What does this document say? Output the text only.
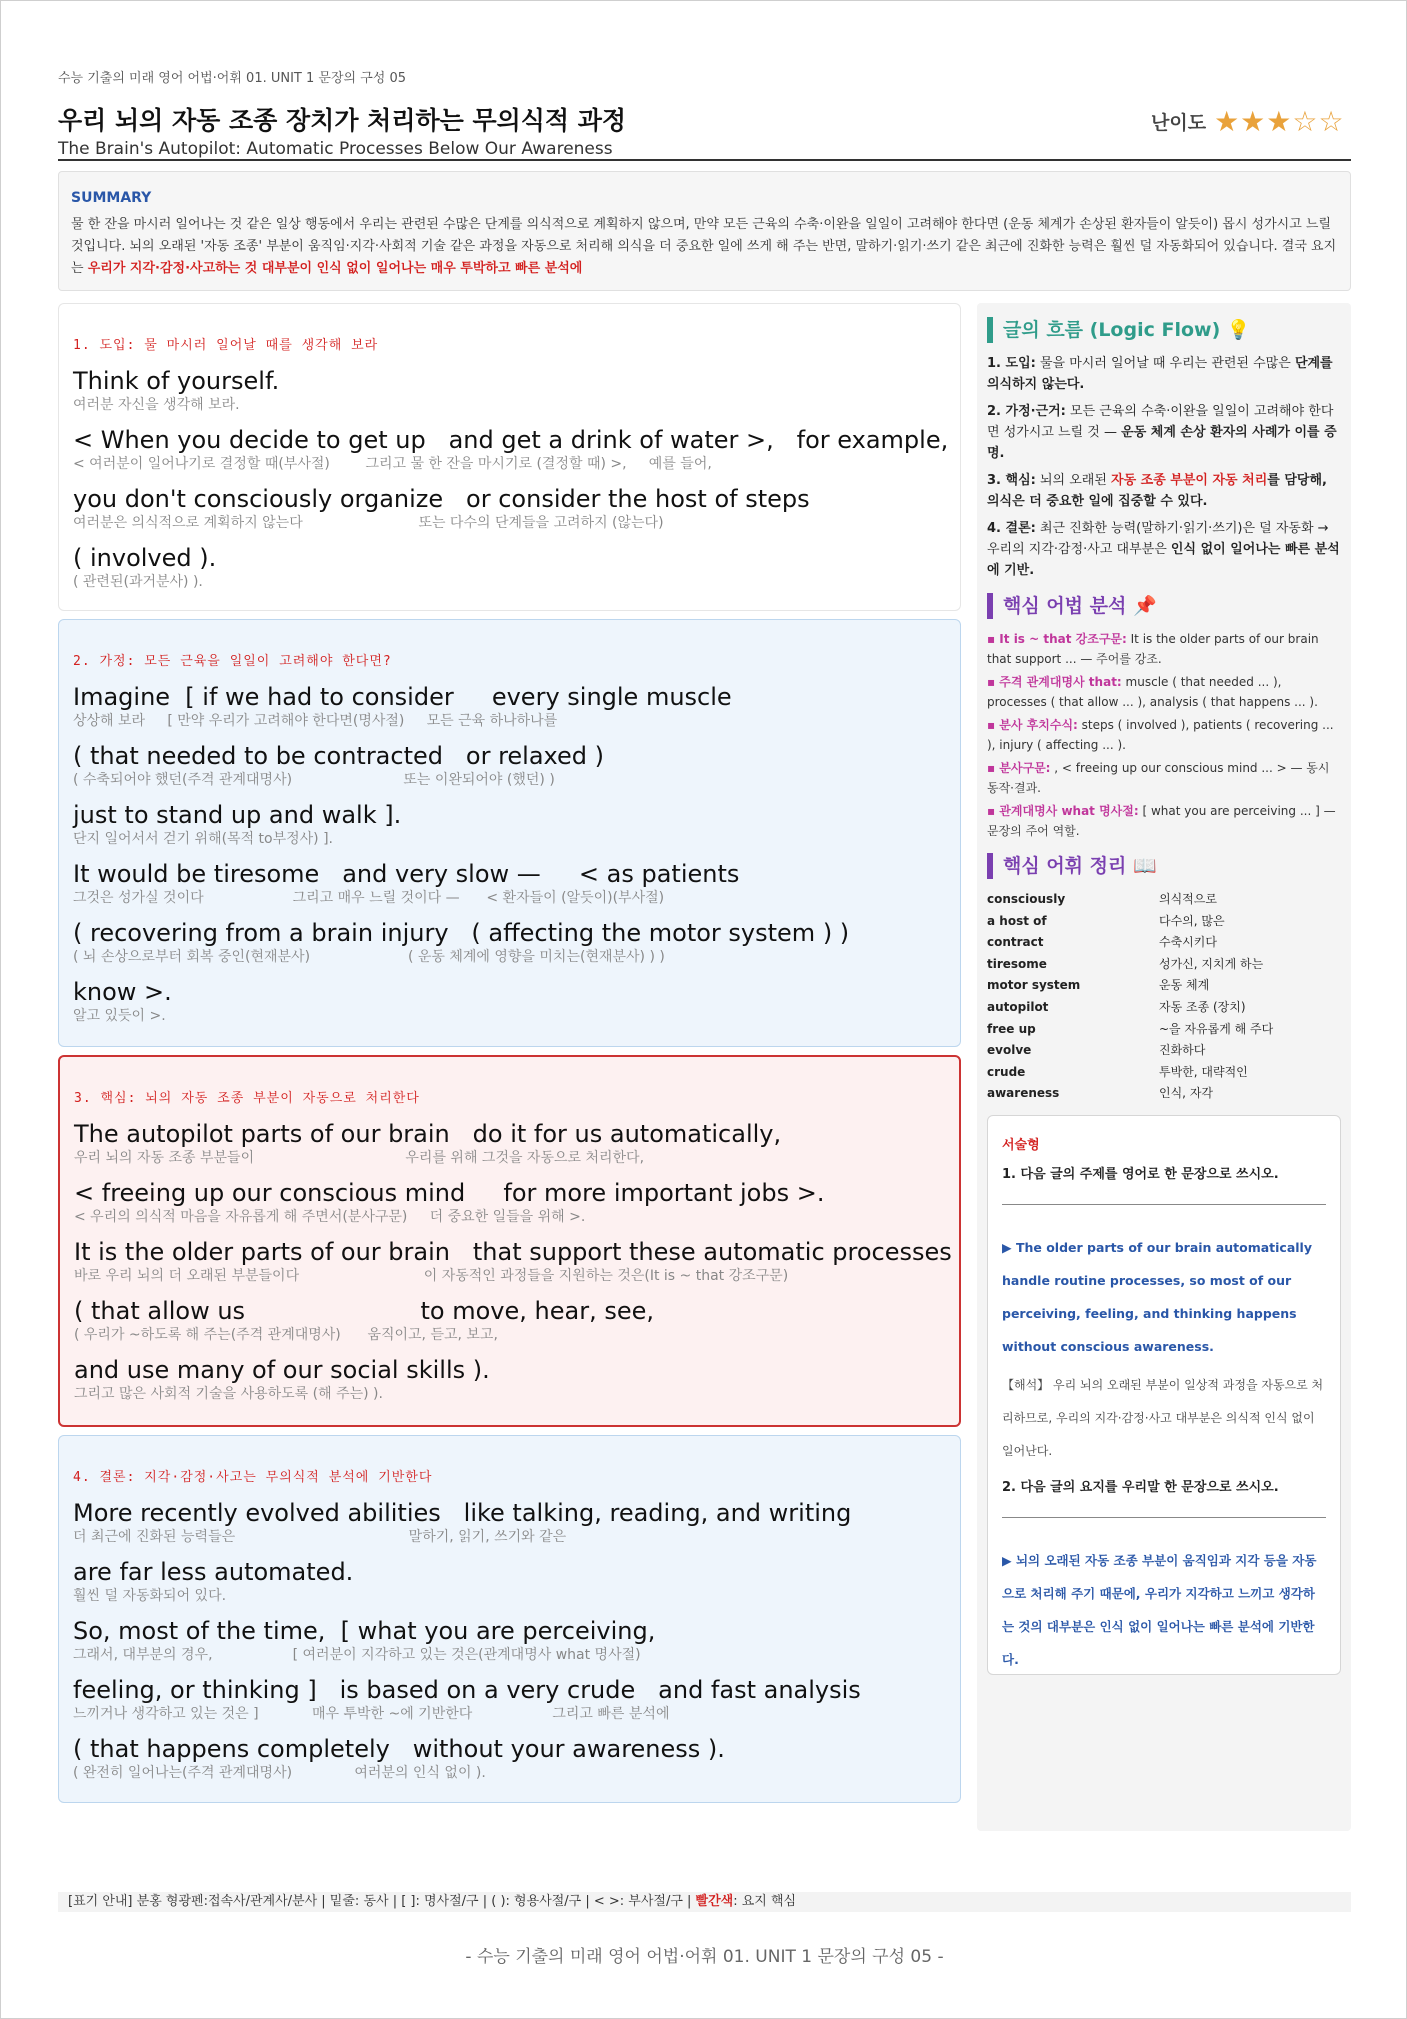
수능 기출의 미래 영어 어법·어휘 01. UNIT 1 문장의 구성 05
우리 뇌의 자동 조종 장치가 처리하는 무의식적 과정
The Brain's Autopilot: Automatic Processes Below Our Awareness
난이도 ★★★☆☆
SUMMARY
물 한 잔을 마시러 일어나는 것 같은 일상 행동에서 우리는 관련된 수많은 단계를 의식적으로 계획하지 않으며, 만약 모든 근육의 수축·이완을 일일이 고려해야 한다면 (운동 체계가 손상된 환자들이 알듯이) 몹시 성가시고 느릴 것입니다. 뇌의 오래된 '자동 조종' 부분이 움직임·지각·사회적 기술 같은 과정을 자동으로 처리해 의식을 더 중요한 일에 쓰게 해 주는 반면, 말하기·읽기·쓰기 같은 최근에 진화한 능력은 훨씬 덜 자동화되어 있습니다. 결국 요지는 우리가 지각·감정·사고하는 것 대부분이 인식 없이 일어나는 매우 투박하고 빠른 분석에
1. 도입: 물 마시러 일어날 때를 생각해 보라
Think of yourself.
여러분 자신을 생각해 보라.
< When you decide to get up   and get a drink of water >,   for example,
< 여러분이 일어나기로 결정할 때(부사절)        그리고 물 한 잔을 마시기로 (결정할 때) >,     예를 들어,
you don't consciously organize   or consider the host of steps
여러분은 의식적으로 계획하지 않는다                          또는 다수의 단계들을 고려하지 (않는다)
( involved ).
( 관련된(과거분사) ).
2. 가정: 모든 근육을 일일이 고려해야 한다면?
Imagine  [ if we had to consider     every single muscle
상상해 보라     [ 만약 우리가 고려해야 한다면(명사절)     모든 근육 하나하나를
( that needed to be contracted   or relaxed )
( 수축되어야 했던(주격 관계대명사)                         또는 이완되어야 (했던) )
just to stand up and walk ].
단지 일어서서 걷기 위해(목적 to부정사) ].
It would be tiresome   and very slow —     < as patients
그것은 성가실 것이다                    그리고 매우 느릴 것이다 —      < 환자들이 (알듯이)(부사절)
( recovering from a brain injury   ( affecting the motor system ) )
( 뇌 손상으로부터 회복 중인(현재분사)                      ( 운동 체계에 영향을 미치는(현재분사) ) )
know >.
알고 있듯이 >.
3. 핵심: 뇌의 자동 조종 부분이 자동으로 처리한다
The autopilot parts of our brain   do it for us automatically,
우리 뇌의 자동 조종 부분들이                                  우리를 위해 그것을 자동으로 처리한다,
< freeing up our conscious mind     for more important jobs >.
< 우리의 의식적 마음을 자유롭게 해 주면서(분사구문)     더 중요한 일들을 위해 >.
It is the older parts of our brain   that support these automatic processes
바로 우리 뇌의 더 오래된 부분들이다                            이 자동적인 과정들을 지원하는 것은(It is ~ that 강조구문)
( that allow us                       to move, hear, see,
( 우리가 ~하도록 해 주는(주격 관계대명사)      움직이고, 듣고, 보고,
and use many of our social skills ).
그리고 많은 사회적 기술을 사용하도록 (해 주는) ).
4. 결론: 지각·감정·사고는 무의식적 분석에 기반한다
More recently evolved abilities   like talking, reading, and writing
더 최근에 진화된 능력들은                                       말하기, 읽기, 쓰기와 같은
are far less automated.
훨씬 덜 자동화되어 있다.
So, most of the time,  [ what you are perceiving,
그래서, 대부분의 경우,                  [ 여러분이 지각하고 있는 것은(관계대명사 what 명사절)
feeling, or thinking ]   is based on a very crude   and fast analysis
느끼거나 생각하고 있는 것은 ]            매우 투박한 ~에 기반한다                  그리고 빠른 분석에
( that happens completely   without your awareness ).
( 완전히 일어나는(주격 관계대명사)              여러분의 인식 없이 ).
글의 흐름 (Logic Flow) 💡

1. 도입: 물을 마시러 일어날 때 우리는 관련된 수많은 단계를 의식하지 않는다.

2. 가정·근거: 모든 근육의 수축·이완을 일일이 고려해야 한다면 성가시고 느릴 것 — 운동 체계 손상 환자의 사례가 이를 증명.

3. 핵심: 뇌의 오래된 자동 조종 부분이 자동 처리를 담당해, 의식은 더 중요한 일에 집중할 수 있다.

4. 결론: 최근 진화한 능력(말하기·읽기·쓰기)은 덜 자동화 → 우리의 지각·감정·사고 대부분은 인식 없이 일어나는 빠른 분석에 기반.

핵심 어법 분석 📌

▪ It is ~ that 강조구문: It is the older parts of our brain that support ... — 주어를 강조.

▪ 주격 관계대명사 that: muscle ( that needed ... ), processes ( that allow ... ), analysis ( that happens ... ).

▪ 분사 후치수식: steps ( involved ), patients ( recovering ... ), injury ( affecting ... ).

▪ 분사구문: , < freeing up our conscious mind ... > — 동시동작·결과.

▪ 관계대명사 what 명사절: [ what you are perceiving ... ] — 문장의 주어 역할.

핵심 어휘 정리 📖
consciously	의식적으로
a host of	다수의, 많은
contract	수축시키다
tiresome	성가신, 지치게 하는
motor system	운동 체계
autopilot	자동 조종 (장치)
free up	~을 자유롭게 해 주다
evolve	진화하다
crude	투박한, 대략적인
awareness	인식, 자각
서술형
1. 다음 글의 주제를 영어로 한 문장으로 쓰시오.
▶ The older parts of our brain automatically handle routine processes, so most of our perceiving, feeling, and thinking happens without conscious awareness.
【해석】 우리 뇌의 오래된 부분이 일상적 과정을 자동으로 처리하므로, 우리의 지각·감정·사고 대부분은 의식적 인식 없이 일어난다.
2. 다음 글의 요지를 우리말 한 문장으로 쓰시오.
▶ 뇌의 오래된 자동 조종 부분이 움직임과 지각 등을 자동으로 처리해 주기 때문에, 우리가 지각하고 느끼고 생각하는 것의 대부분은 인식 없이 일어나는 빠른 분석에 기반한다.
[표기 안내] 분홍 형광펜:접속사/관계사/분사 | 밑줄: 동사 | [ ]: 명사절/구 | ( ): 형용사절/구 | < >: 부사절/구 | 빨간색: 요지 핵심
- 수능 기출의 미래 영어 어법·어휘 01. UNIT 1 문장의 구성 05 -
